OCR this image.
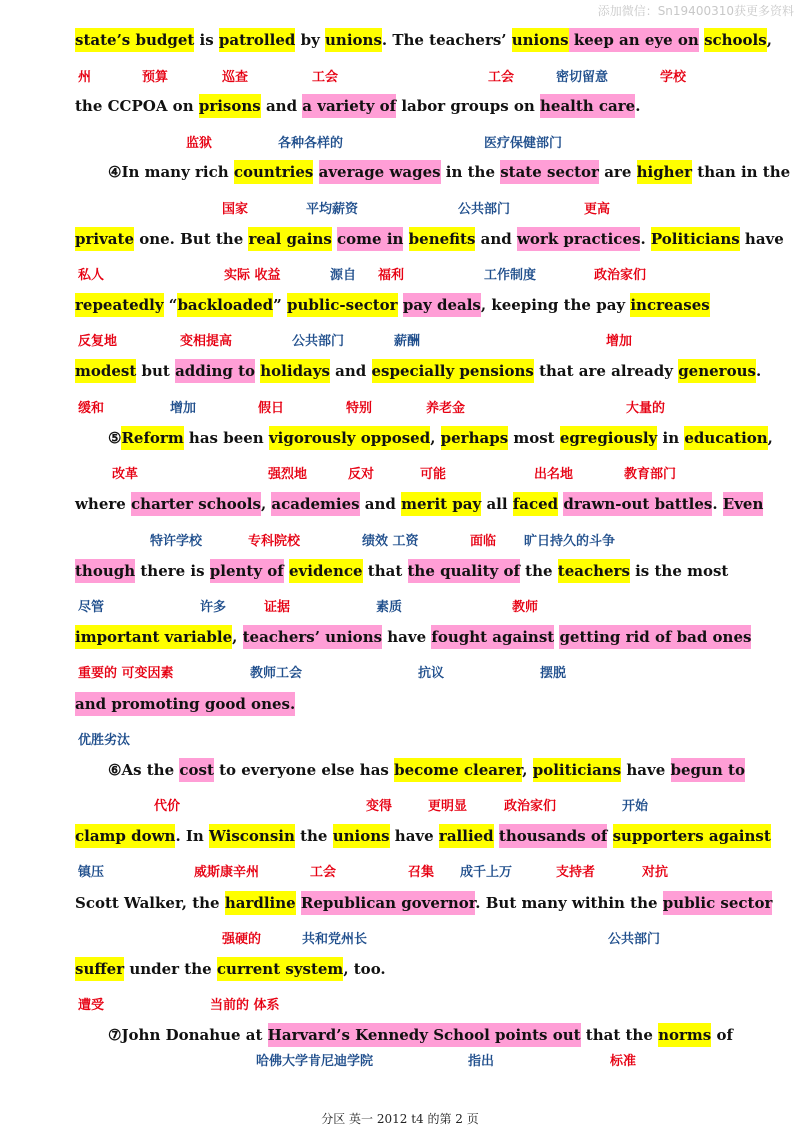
添加微信：Sn19400310获更多资料
state’s budget is patrolled by unions. The teachers’ unions keep an eye on schools,
the CCPOA on prisons and a variety of labor groups on health care.
④In many rich countries average wages in the state sector are higher than in the
private one. But the real gains come in benefits and work practices. Politicians have
repeatedly “backloaded” public-sector pay deals, keeping the pay increases
modest but adding to holidays and especially pensions that are already generous.
⑤Reform has been vigorously opposed, perhaps most egregiously in education,
where charter schools, academies and merit pay all faced drawn-out battles. Even
though there is plenty of evidence that the quality of the teachers is the most
important variable, teachers’ unions have fought against getting rid of bad ones
and promoting good ones.
⑥As the cost to everyone else has become clearer, politicians have begun to
clamp down. In Wisconsin the unions have rallied thousands of supporters against
Scott Walker, the hardline Republican governor. But many within the public sector
suffer under the current system, too.
⑦John Donahue at Harvard’s Kennedy School points out that the norms of
州	预算	巡查	工会	工会	密切留意	学校
监狱	各种各样的	医疗保健部门
国家	平均薪资	公共部门	更高
私人	实际 收益	源自 福利	工作制度	政治家们
反复地	变相提高	公共部门	薪酬	增加
缓和	增加	假日	特别	养老金	大量的
改革	强烈地	反对	可能	出名地	教育部门
特许学校	专科院校	绩效 工资	面临 旷日持久的斗争
尽管	许多	证据	素质	教师
重要的 可变因素	教师工会	抗议	摆脱
优胜劣汰
代价	变得	更明显	政治家们	开始
镇压	威斯康辛州	工会	召集 成千上万	支持者	对抗
强硬的	共和党州长	公共部门
遭受	当前的 体系
哈佛大学肯尼迪学院	指出	标准
分区 英一 2012 t4 的第 2 页
